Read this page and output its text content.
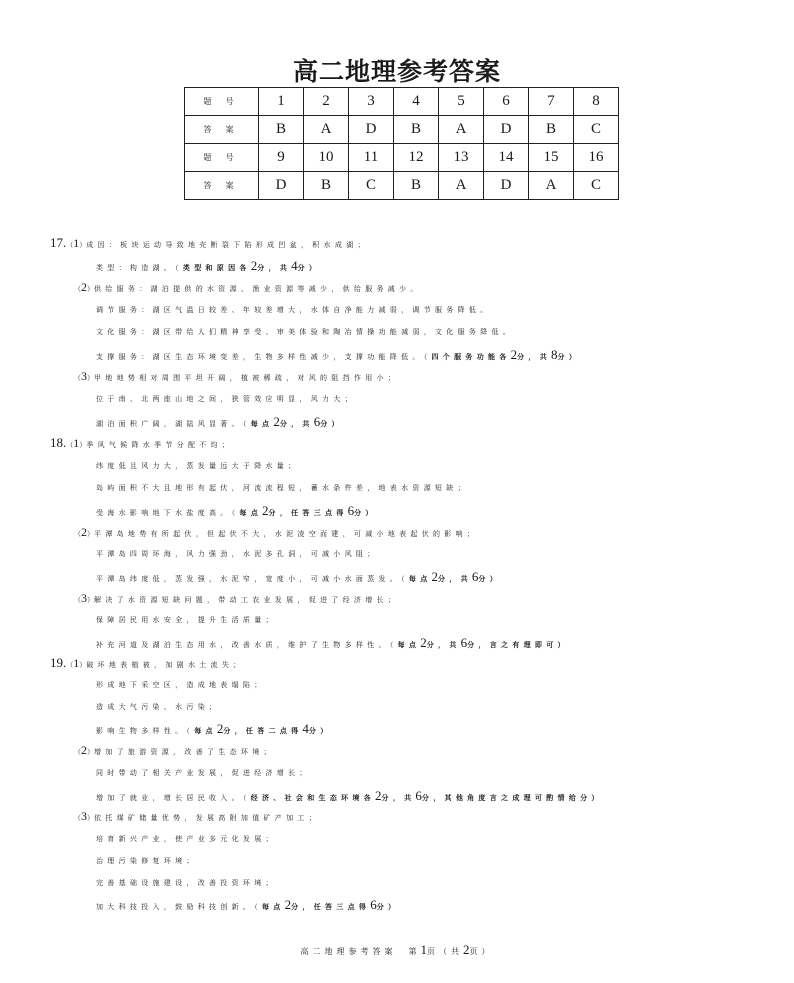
高二地理参考答案
题 号	1	2	3	4	5	6	7	8
答 案	B	A	D	B	A	D	B	C
题 号	9	10	11	12	13	14	15	16
答 案	D	B	C	B	A	D	A	C
17.（1）成因：板块运动导致地壳断裂下陷形成凹盆，积水成湖；
类型：构造湖。（类型和原因各2分，共4分）
（2）供给服务：湖泊提供的水资源、渔业资源等减少，供给服务减少。
调节服务：湖区气温日较差、年较差增大，水体自净能力减弱，调节服务降低。
文化服务：湖区带给人们精神享受、审美体验和陶冶情操功能减弱，文化服务降低。
支撑服务：湖区生态环境变差，生物多样性减少，支撑功能降低。（四个服务功能各2分，共8分）
（3）甲地地势相对周围平坦开阔，植被稀疏，对风的阻挡作用小；
位于南、北两座山地之间，狭管效应明显，风力大；
湖泊面积广阔，湖陆风显著。（每点2分，共6分）
18.（1）季风气候降水季节分配不均；
纬度低且风力大，蒸发量远大于降水量；
岛屿面积不大且地形有起伏，河流流程短，蓄水条件差，地表水资源短缺；
受海水影响地下水盐度高。（每点2分，任答三点得6分）
（2）平潭岛地势有所起伏，但起伏不大，水泥凌空而建，可减小地表起伏的影响；
平潭岛四周环海，风力强劲，水泥多孔洞，可减小风阻；
平潭岛纬度低，蒸发强，水泥窄，宽度小，可减小水面蒸发。（每点2分，共6分）
（3）解决了水资源短缺问题，带动工农业发展，促进了经济增长；
保障居民用水安全，提升生活质量；
补充河道及湖泊生态用水，改善水质，维护了生物多样性。（每点2分，共6分，言之有理即可）
19.（1）破坏地表植被，加剧水土流失；
形成地下采空区，造成地表塌陷；
造成大气污染、水污染；
影响生物多样性。（每点2分，任答二点得4分）
（2）增加了旅游资源，改善了生态环境；
同时带动了相关产业发展，促进经济增长；
增加了就业，增长居民收入。（经济、社会和生态环境各2分，共6分，其他角度言之成理可酌情给分）
（3）依托煤矿储量优势，发展高附加值矿产加工；
培育新兴产业，使产业多元化发展；
治理污染修复环境；
完善基础设施建设，改善投资环境；
加大科技投入，鼓励科技创新。（每点2分，任答三点得6分）
高二地理参考答案　第1页（共2页）
